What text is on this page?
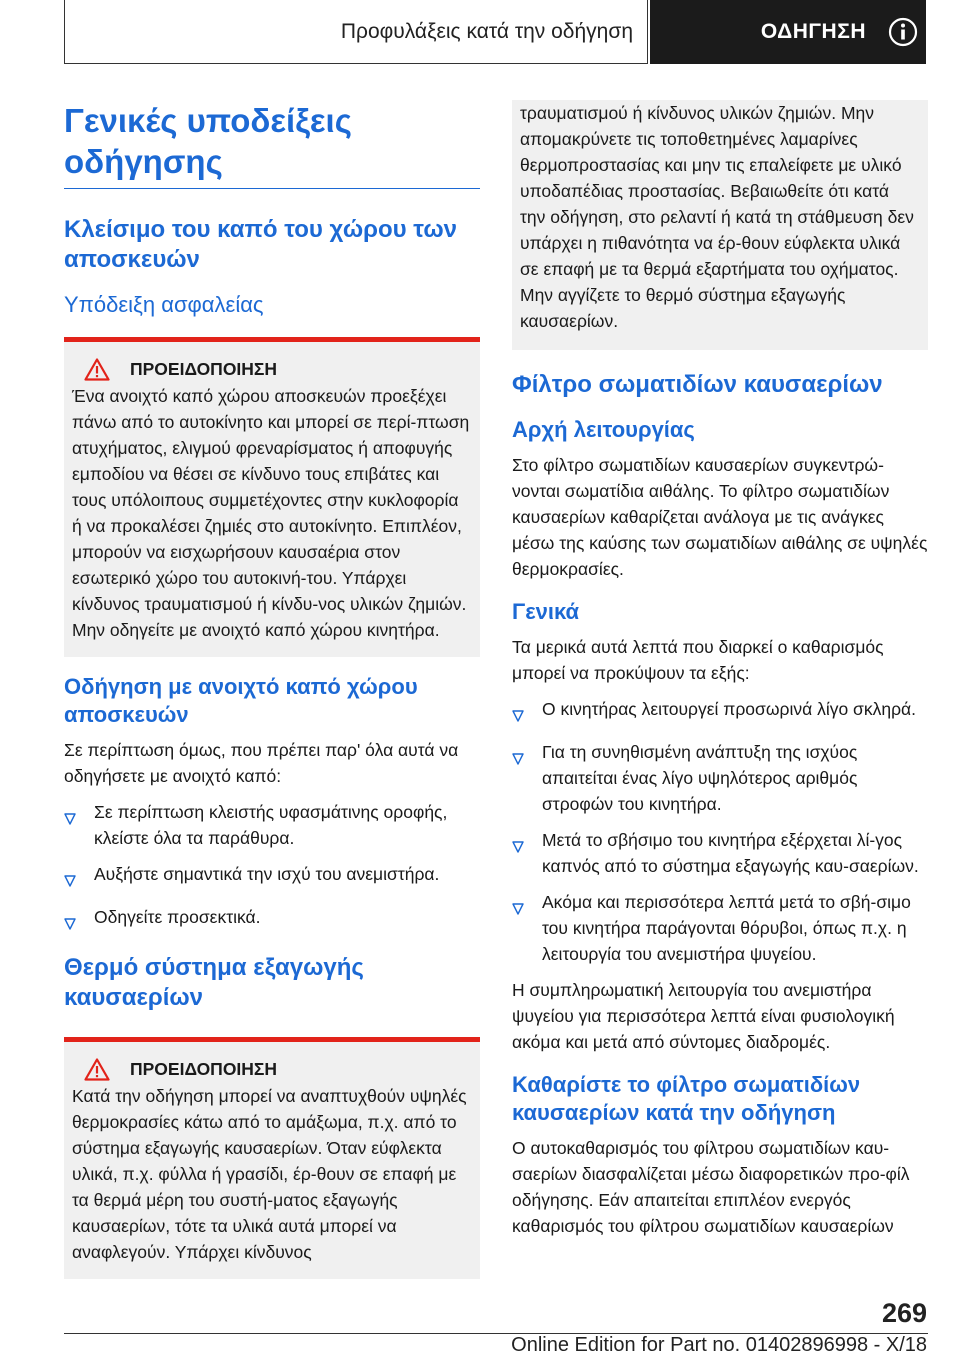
Προφυλάξεις κατά την οδήγηση	ΟΔΗΓΗΣΗ
Γενικές υποδείξεις οδήγησης
Κλείσιμο του καπό του χώρου των αποσκευών
Υπόδειξη ασφαλείας
ΠΡΟΕΙΔΟΠΟΙΗΣΗ

Ένα ανοιχτό καπό χώρου αποσκευών προεξέχει πάνω από το αυτοκίνητο και μπορεί σε περί-πτωση ατυχήματος, ελιγμού φρεναρίσματος ή αποφυγής εμποδίου να θέσει σε κίνδυνο τους επιβάτες και τους υπόλοιπους συμμετέχοντες στην κυκλοφορία ή να προκαλέσει ζημιές στο αυτοκίνητο. Επιπλέον, μπορούν να εισχωρήσουν καυσαέρια στον εσωτερικό χώρο του αυτοκινή-του. Υπάρχει κίνδυνος τραυματισμού ή κίνδυ-νος υλικών ζημιών. Μην οδηγείτε με ανοιχτό καπό χώρου κινητήρα.

Οδήγηση με ανοιχτό καπό χώρου αποσκευών

Σε περίπτωση όμως, που πρέπει παρ' όλα αυτά να οδηγήσετε με ανοιχτό καπό:

Σε περίπτωση κλειστής υφασμάτινης οροφής, κλείστε όλα τα παράθυρα.
Αυξήστε σημαντικά την ισχύ του ανεμιστήρα.
Οδηγείτε προσεκτικά.
Θερμό σύστημα εξαγωγής καυσαερίων
ΠΡΟΕΙΔΟΠΟΙΗΣΗ

Κατά την οδήγηση μπορεί να αναπτυχθούν υψηλές θερμοκρασίες κάτω από το αμάξωμα, π.χ. από το σύστημα εξαγωγής καυσαερίων. Όταν εύφλεκτα υλικά, π.χ. φύλλα ή γρασίδι, έρ-θουν σε επαφή με τα θερμά μέρη του συστή-ματος εξαγωγής καυσαερίων, τότε τα υλικά αυτά μπορεί να αναφλεγούν. Υπάρχει κίνδυνος

τραυματισμού ή κίνδυνος υλικών ζημιών. Μην απομακρύνετε τις τοποθετημένες λαμαρίνες θερμοπροστασίας και μην τις επαλείφετε με υλικό υποδαπέδιας προστασίας. Βεβαιωθείτε ότι κατά την οδήγηση, στο ρελαντί ή κατά τη στάθμευση δεν υπάρχει η πιθανότητα να έρ-θουν εύφλεκτα υλικά σε επαφή με τα θερμά εξαρτήματα του οχήματος. Μην αγγίζετε το θερμό σύστημα εξαγωγής καυσαερίων.

Φίλτρο σωματιδίων καυσαερίων
Αρχή λειτουργίας

Στο φίλτρο σωματιδίων καυσαερίων συγκεντρώ-νονται σωματίδια αιθάλης. Το φίλτρο σωματιδίων καυσαερίων καθαρίζεται ανάλογα με τις ανάγκες μέσω της καύσης των σωματιδίων αιθάλης σε υψηλές θερμοκρασίες.

Γενικά

Τα μερικά αυτά λεπτά που διαρκεί ο καθαρισμός μπορεί να προκύψουν τα εξής:

Ο κινητήρας λειτουργεί προσωρινά λίγο σκληρά.
Για τη συνηθισμένη ανάπτυξη της ισχύος απαιτείται ένας λίγο υψηλότερος αριθμός στροφών του κινητήρα.
Μετά το σβήσιμο του κινητήρα εξέρχεται λί-γος καπνός από το σύστημα εξαγωγής καυ-σαερίων.
Ακόμα και περισσότερα λεπτά μετά το σβή-σιμο του κινητήρα παράγονται θόρυβοι, όπως π.χ. η λειτουργία του ανεμιστήρα ψυγείου.

Η συμπληρωματική λειτουργία του ανεμιστήρα ψυγείου για περισσότερα λεπτά είναι φυσιολογική ακόμα και μετά από σύντομες διαδρομές.

Καθαρίστε το φίλτρο σωματιδίων καυσαερίων κατά την οδήγηση

Ο αυτοκαθαρισμός του φίλτρου σωματιδίων καυ-σαερίων διασφαλίζεται μέσω διαφορετικών προ-φίλ οδήγησης. Εάν απαιτείται επιπλέον ενεργός καθαρισμός του φίλτρου σωματιδίων καυσαερίων

269
Online Edition for Part no. 01402896998 - X/18
